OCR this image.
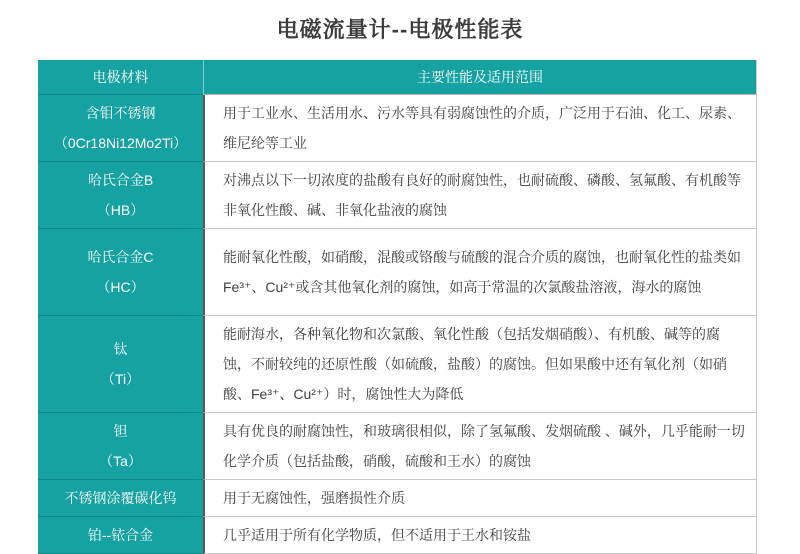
电磁流量计--电极性能表
电极材料	主要性能及适用范围

含钼不锈钢
（0Cr18Ni12Mo2Ti）	用于工业水、生活用水、污水等具有弱腐蚀性的介质，广泛用于石油、化工、尿素、维尼纶等工业

哈氏合金B
（HB）	对沸点以下一切浓度的盐酸有良好的耐腐蚀性，也耐硫酸、磷酸、氢氟酸、有机酸等非氧化性酸、碱、非氧化盐液的腐蚀

哈氏合金C
（HC）	能耐氧化性酸，如硝酸，混酸或铬酸与硫酸的混合介质的腐蚀，也耐氧化性的盐类如Fe³⁺、Cu²⁺或含其他氧化剂的腐蚀，如高于常温的次氯酸盐溶液，海水的腐蚀

钛
（Ti）	能耐海水，各种氧化物和次氯酸、氧化性酸（包括发烟硝酸）、有机酸、碱等的腐蚀，不耐较纯的还原性酸（如硫酸，盐酸）的腐蚀。但如果酸中还有氧化剂（如硝酸、Fe³⁺、Cu²⁺）时，腐蚀性大为降低

钽
（Ta）	具有优良的耐腐蚀性，和玻璃很相似，除了氢氟酸、发烟硫酸 、碱外，几乎能耐一切化学介质（包括盐酸，硝酸，硫酸和王水）的腐蚀

不锈钢涂覆碳化钨	用于无腐蚀性，强磨损性介质

铂--铱合金	几乎适用于所有化学物质，但不适用于王水和铵盐
